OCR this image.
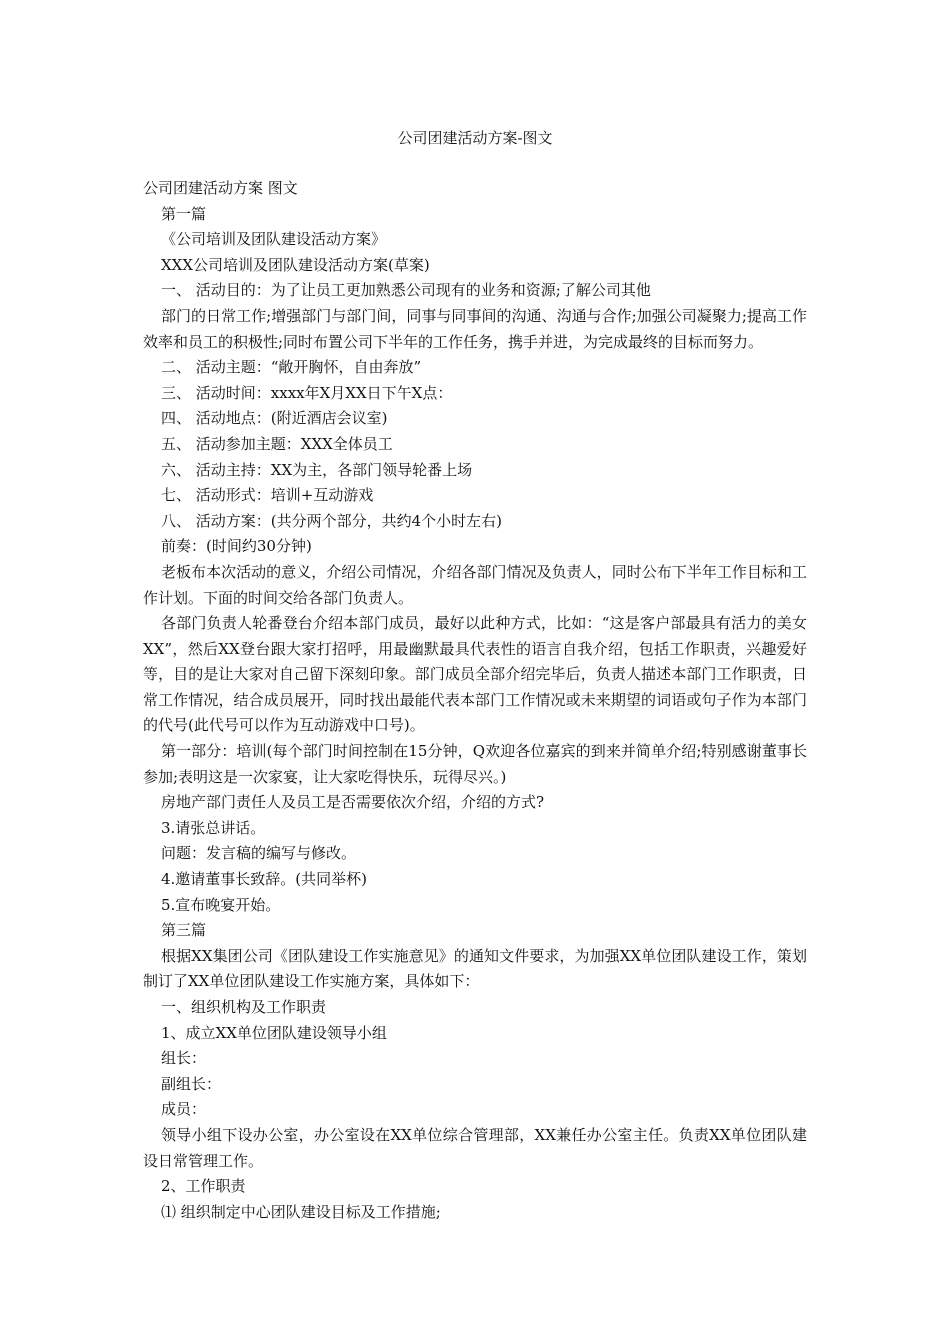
公司团建活动方案-图文

公司团建活动方案 图文

第一篇

《公司培训及团队建设活动方案》

XXX公司培训及团队建设活动方案(草案)

一、 活动目的：为了让员工更加熟悉公司现有的业务和资源;了解公司其他

部门的日常工作;增强部门与部门间，同事与同事间的沟通、沟通与合作;加强公司凝聚力;提高工作效率和员工的积极性;同时布置公司下半年的工作任务，携手并进，为完成最终的目标而努力。

二、 活动主题：“敞开胸怀，自由奔放”

三、 活动时间：xxxx年X月XX日下午X点：

四、 活动地点：(附近酒店会议室)

五、 活动参加主题：XXX全体员工

六、 活动主持：XX为主，各部门领导轮番上场

七、 活动形式：培训+互动游戏

八、 活动方案：(共分两个部分，共约4个小时左右)

前奏：(时间约30分钟)

老板布本次活动的意义，介绍公司情况，介绍各部门情况及负责人，同时公布下半年工作目标和工作计划。下面的时间交给各部门负责人。

各部门负责人轮番登台介绍本部门成员，最好以此种方式，比如：“这是客户部最具有活力的美女XX”，然后XX登台跟大家打招呼，用最幽默最具代表性的语言自我介绍，包括工作职责，兴趣爱好等，目的是让大家对自己留下深刻印象。部门成员全部介绍完毕后，负责人描述本部门工作职责，日常工作情况，结合成员展开，同时找出最能代表本部门工作情况或未来期望的词语或句子作为本部门的代号(此代号可以作为互动游戏中口号)。

第一部分：培训(每个部门时间控制在15分钟，Q欢迎各位嘉宾的到来并简单介绍;特别感谢董事长参加;表明这是一次家宴，让大家吃得快乐，玩得尽兴。)

房地产部门责任人及员工是否需要依次介绍，介绍的方式?

3.请张总讲话。

问题：发言稿的编写与修改。

4.邀请董事长致辞。(共同举杯)

5.宣布晚宴开始。

第三篇

根据XX集团公司《团队建设工作实施意见》的通知文件要求，为加强XX单位团队建设工作，策划制订了XX单位团队建设工作实施方案，具体如下：

一、组织机构及工作职责

1、成立XX单位团队建设领导小组

组长：

副组长：

成员：

领导小组下设办公室，办公室设在XX单位综合管理部，XX兼任办公室主任。负责XX单位团队建设日常管理工作。

2、工作职责

⑴ 组织制定中心团队建设目标及工作措施;
